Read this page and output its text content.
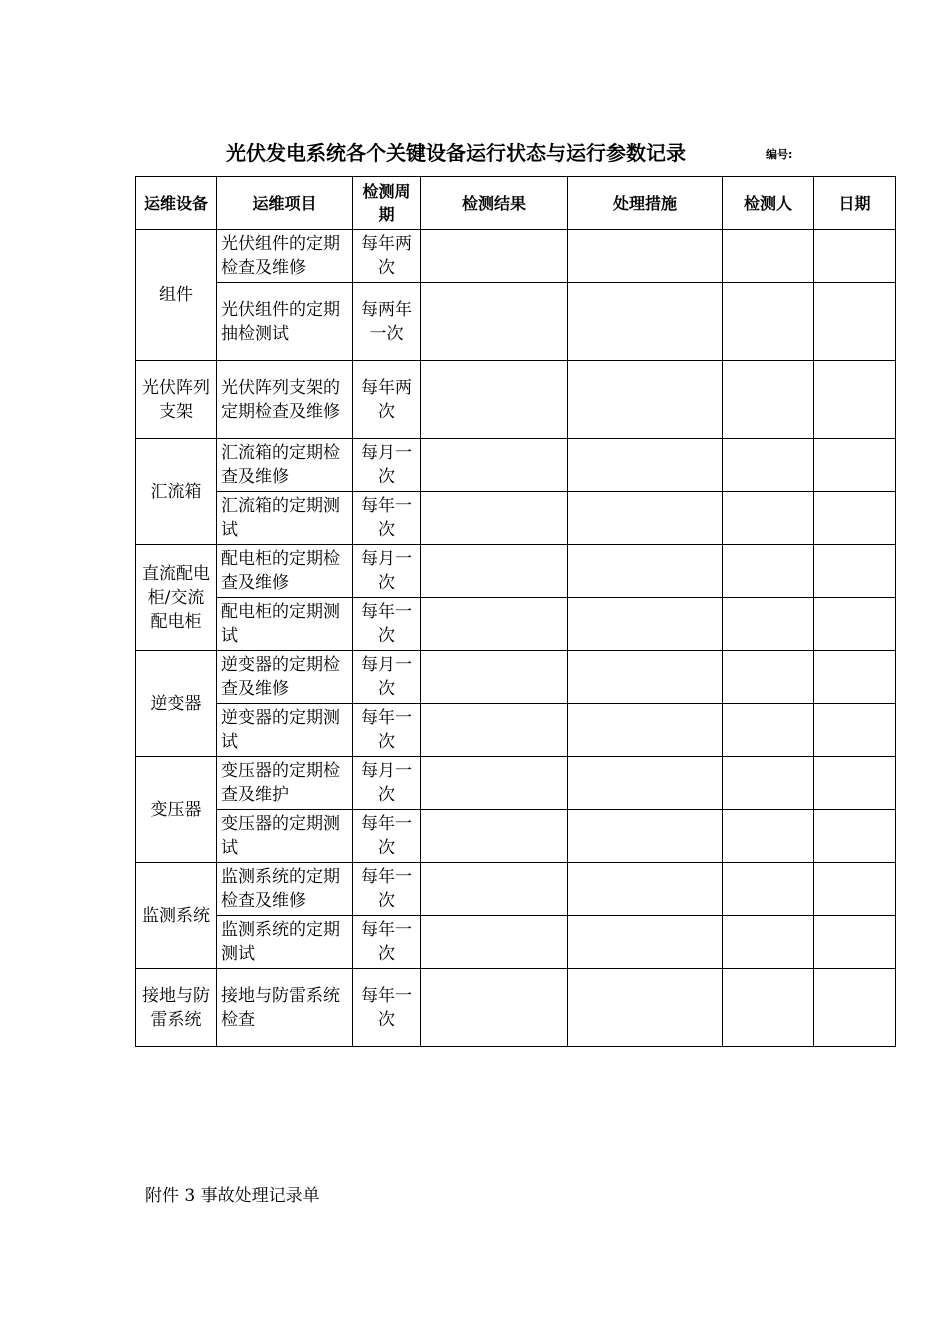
光伏发电系统各个关键设备运行状态与运行参数记录	编号:
运维设备	运维项目	检测周期	检测结果	处理措施	检测人	日期
组件	光伏组件的定期检查及维修	每年两次				
	光伏组件的定期抽检测试	每两年一次				
光伏阵列支架	光伏阵列支架的定期检查及维修	每年两次				
汇流箱	汇流箱的定期检查及维修	每月一次				
	汇流箱的定期测试	每年一次				
直流配电柜/交流配电柜	配电柜的定期检查及维修	每月一次				
	配电柜的定期测试	每年一次				
逆变器	逆变器的定期检查及维修	每月一次				
	逆变器的定期测试	每年一次				
变压器	变压器的定期检查及维护	每月一次				
	变压器的定期测试	每年一次				
监测系统	监测系统的定期检查及维修	每年一次				
	监测系统的定期测试	每年一次				
接地与防雷系统	接地与防雷系统检查	每年一次				
附件 3 事故处理记录单
